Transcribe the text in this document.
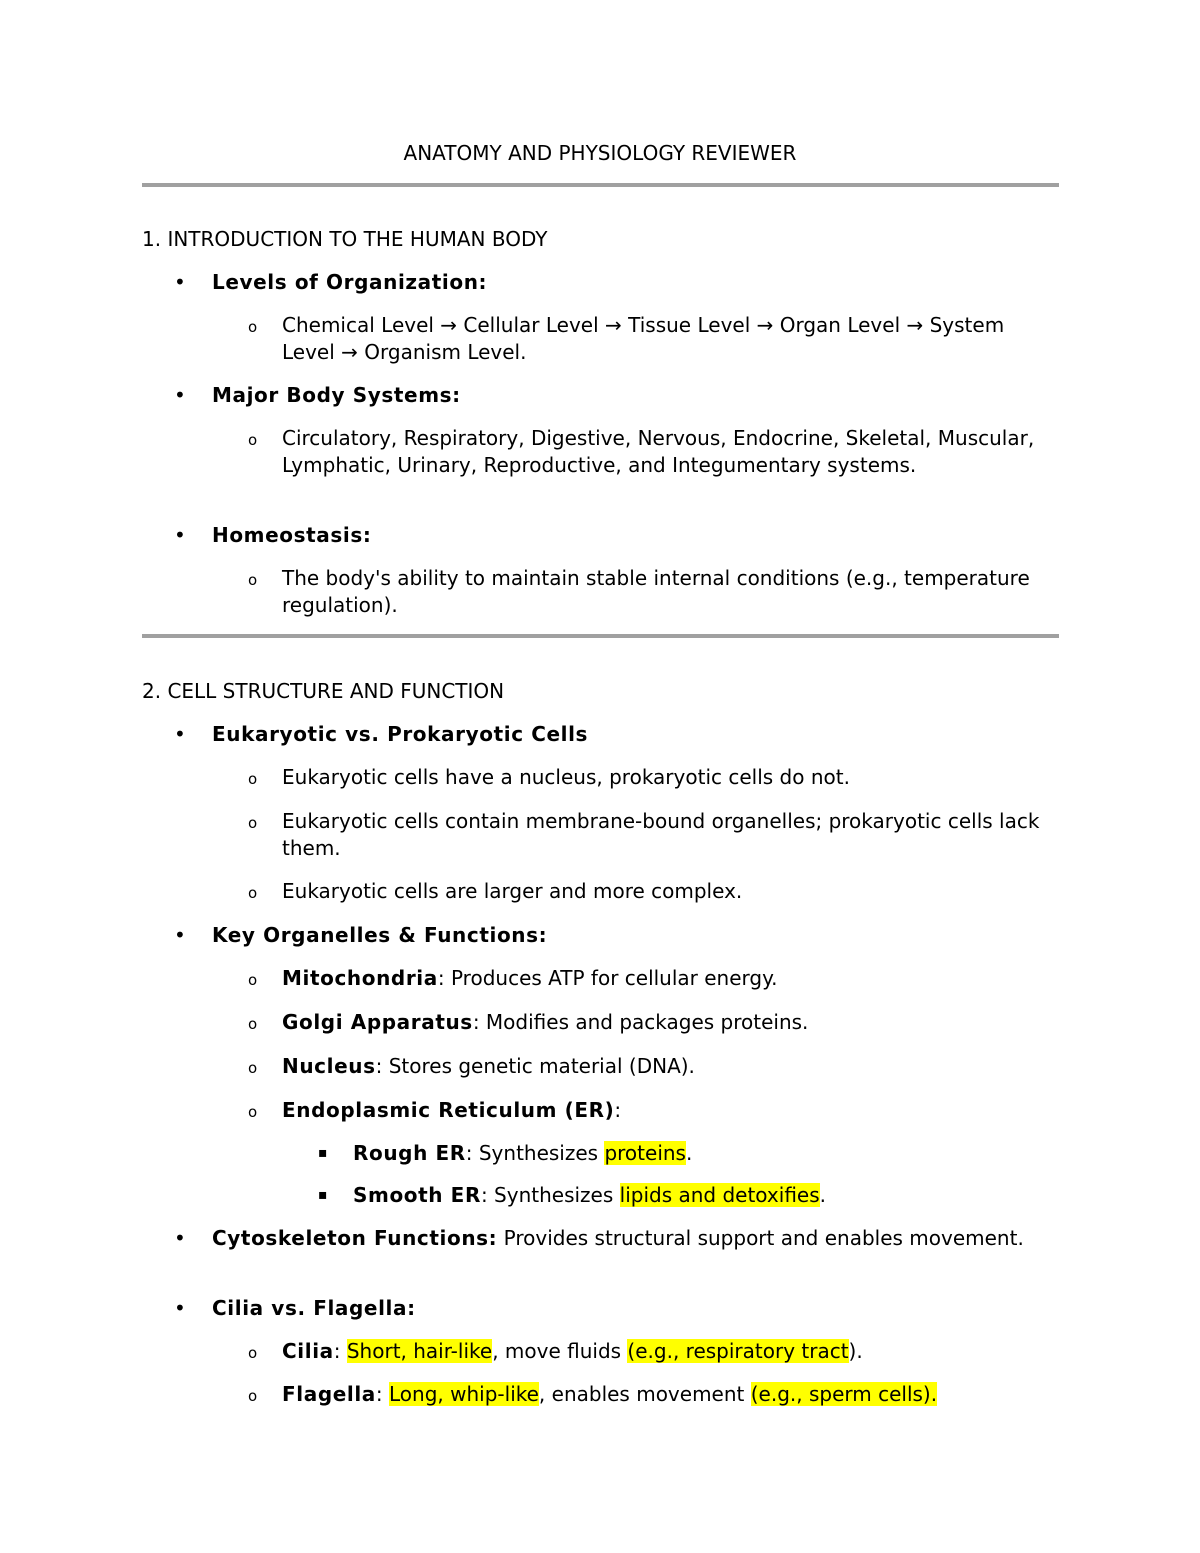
ANATOMY AND PHYSIOLOGY REVIEWER
1. INTRODUCTION TO THE HUMAN BODY
• Levels of Organization:
o Chemical Level → Cellular Level → Tissue Level → Organ Level → System Level → Organism Level.
• Major Body Systems:
o Circulatory, Respiratory, Digestive, Nervous, Endocrine, Skeletal, Muscular, Lymphatic, Urinary, Reproductive, and Integumentary systems.
• Homeostasis:
o The body's ability to maintain stable internal conditions (e.g., temperature regulation).
2. CELL STRUCTURE AND FUNCTION
• Eukaryotic vs. Prokaryotic Cells
o Eukaryotic cells have a nucleus, prokaryotic cells do not.
o Eukaryotic cells contain membrane-bound organelles; prokaryotic cells lack them.
o Eukaryotic cells are larger and more complex.
• Key Organelles & Functions:
o Mitochondria: Produces ATP for cellular energy.
o Golgi Apparatus: Modifies and packages proteins.
o Nucleus: Stores genetic material (DNA).
o Endoplasmic Reticulum (ER):
▪ Rough ER: Synthesizes proteins.
▪ Smooth ER: Synthesizes lipids and detoxifies.
• Cytoskeleton Functions: Provides structural support and enables movement.
• Cilia vs. Flagella:
o Cilia: Short, hair-like, move fluids (e.g., respiratory tract).
o Flagella: Long, whip-like, enables movement (e.g., sperm cells).
